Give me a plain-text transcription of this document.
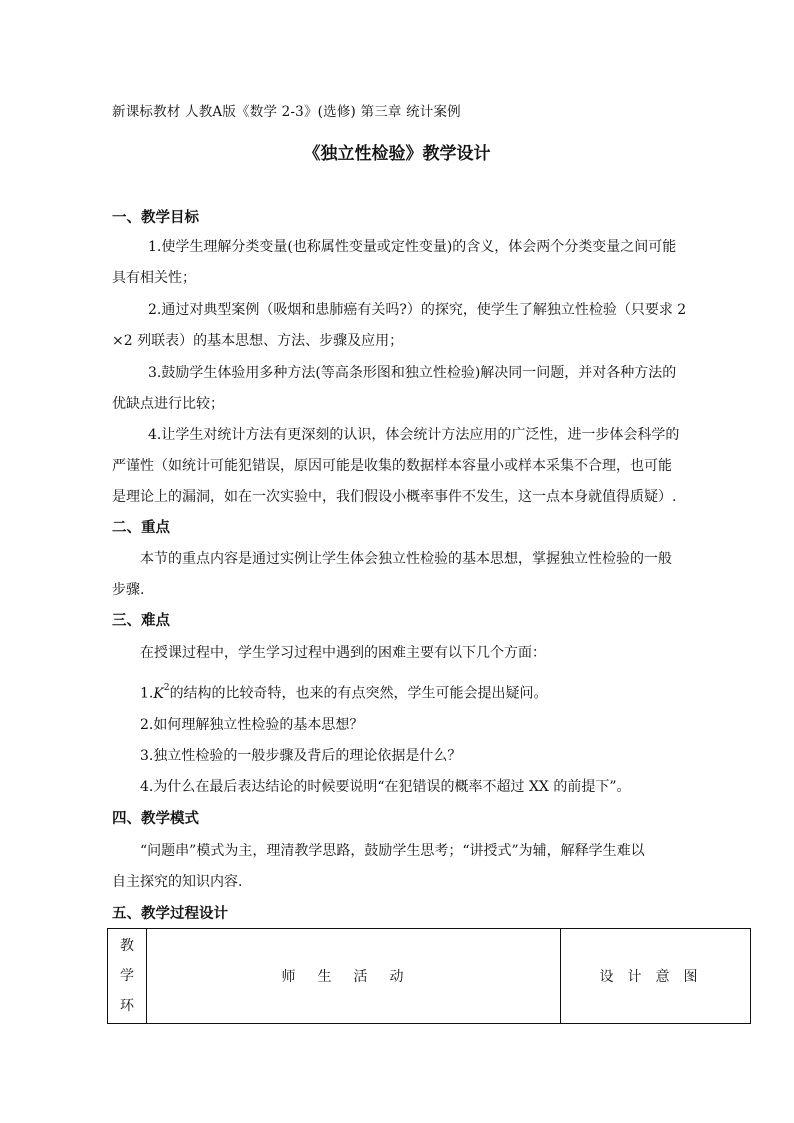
新课标教材 人教A版《数学 2-3》(选修) 第三章 统计案例
《独立性检验》教学设计
一、教学目标
1.使学生理解分类变量(也称属性变量或定性变量)的含义，体会两个分类变量之间可能
具有相关性；
2.通过对典型案例（吸烟和患肺癌有关吗?）的探究，使学生了解独立性检验（只要求 2
×2 列联表）的基本思想、方法、步骤及应用；
3.鼓励学生体验用多种方法(等高条形图和独立性检验)解决同一问题，并对各种方法的
优缺点进行比较；
4.让学生对统计方法有更深刻的认识，体会统计方法应用的广泛性，进一步体会科学的
严谨性（如统计可能犯错误，原因可能是收集的数据样本容量小或样本采集不合理，也可能
是理论上的漏洞，如在一次实验中，我们假设小概率事件不发生，这一点本身就值得质疑）.
二、重点
本节的重点内容是通过实例让学生体会独立性检验的基本思想，掌握独立性检验的一般
步骤.
三、难点
在授课过程中，学生学习过程中遇到的困难主要有以下几个方面：
$1.K^2$的结构的比较奇特，也来的有点突然，学生可能会提出疑问。
2.如何理解独立性检验的基本思想？
3.独立性检验的一般步骤及背后的理论依据是什么？
4.为什么在最后表达结论的时候要说明“在犯错误的概率不超过 XX 的前提下”。
四、教学模式
“问题串”模式为主，理清教学思路，鼓励学生思考；“讲授式”为辅，解释学生难以
自主探究的知识内容.
五、教学过程设计
教
学
环
	师生活动	设计意图
